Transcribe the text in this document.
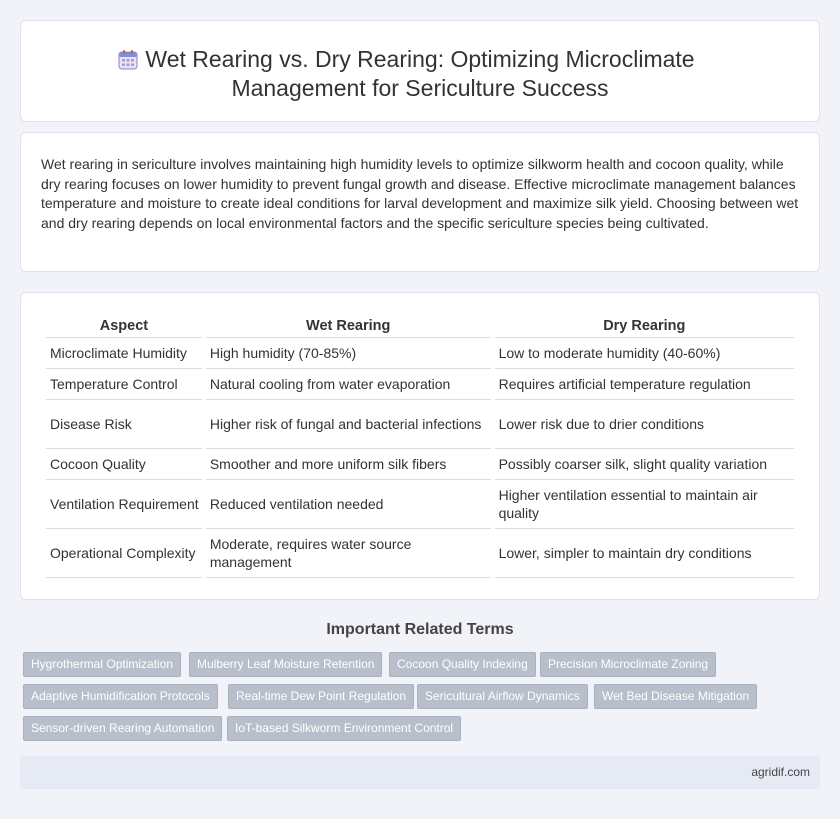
Wet Rearing vs. Dry Rearing: Optimizing Microclimate Management for Sericulture Success

Wet rearing in sericulture involves maintaining high humidity levels to optimize silkworm health and cocoon quality, while dry rearing focuses on lower humidity to prevent fungal growth and disease. Effective microclimate management balances temperature and moisture to create ideal conditions for larval development and maximize silk yield. Choosing between wet and dry rearing depends on local environmental factors and the specific sericulture species being cultivated.

Aspect	Wet Rearing	Dry Rearing
Microclimate Humidity	High humidity (70-85%)	Low to moderate humidity (40-60%)
Temperature Control	Natural cooling from water evaporation	Requires artificial temperature regulation
Disease Risk	Higher risk of fungal and bacterial infections	Lower risk due to drier conditions
Cocoon Quality	Smoother and more uniform silk fibers	Possibly coarser silk, slight quality variation
Ventilation Requirement	Reduced ventilation needed	Higher ventilation essential to maintain air quality
Operational Complexity	Moderate, requires water source management	Lower, simpler to maintain dry conditions
Important Related Terms
Hygrothermal Optimization	Mulberry Leaf Moisture Retention	Cocoon Quality Indexing	Precision Microclimate Zoning
Adaptive Humidification Protocols	Real-time Dew Point Regulation	Sericultural Airflow Dynamics	Wet Bed Disease Mitigation
Sensor-driven Rearing Automation	IoT-based Silkworm Environment Control
agridif.com
